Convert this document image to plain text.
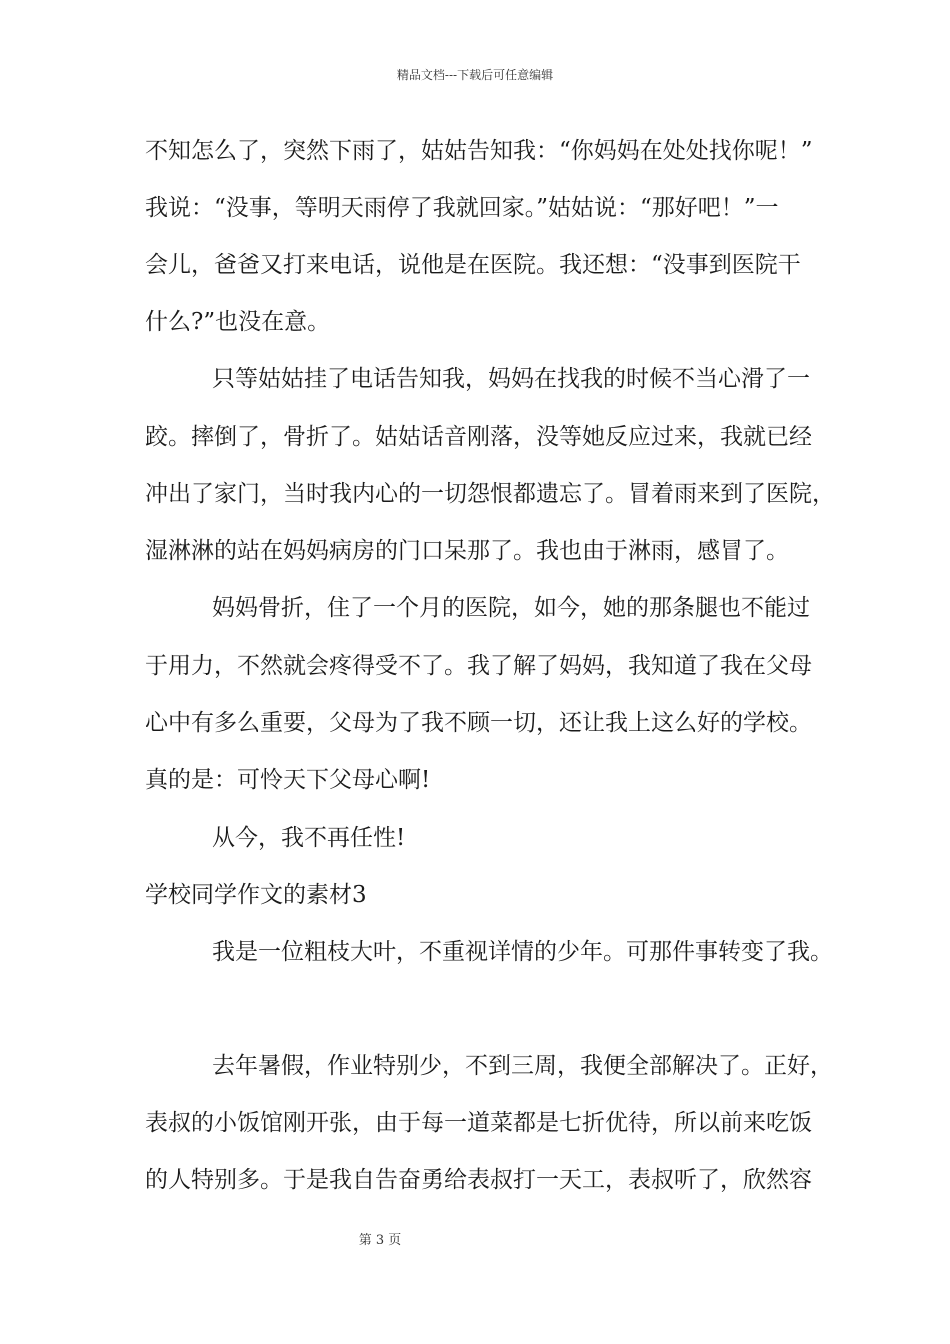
精品文档---下载后可任意编辑
不知怎么了，突然下雨了，姑姑告知我：“你妈妈在处处找你呢！”
我说：“没事，等明天雨停了我就回家。”姑姑说：“那好吧！”一
会儿，爸爸又打来电话，说他是在医院。我还想：“没事到医院干
什么?”也没在意。
只等姑姑挂了电话告知我，妈妈在找我的时候不当心滑了一
跤。摔倒了，骨折了。姑姑话音刚落，没等她反应过来，我就已经
冲出了家门，当时我内心的一切怨恨都遗忘了。冒着雨来到了医院，
湿淋淋的站在妈妈病房的门口呆那了。我也由于淋雨，感冒了。
妈妈骨折，住了一个月的医院，如今，她的那条腿也不能过
于用力，不然就会疼得受不了。我了解了妈妈，我知道了我在父母
心中有多么重要，父母为了我不顾一切，还让我上这么好的学校。
真的是：可怜天下父母心啊!
从今，我不再任性!
学校同学作文的素材3
我是一位粗枝大叶，不重视详情的少年。可那件事转变了我。
去年暑假，作业特别少，不到三周，我便全部解决了。正好，
表叔的小饭馆刚开张，由于每一道菜都是七折优待，所以前来吃饭
的人特别多。于是我自告奋勇给表叔打一天工，表叔听了，欣然容
第 3 页
